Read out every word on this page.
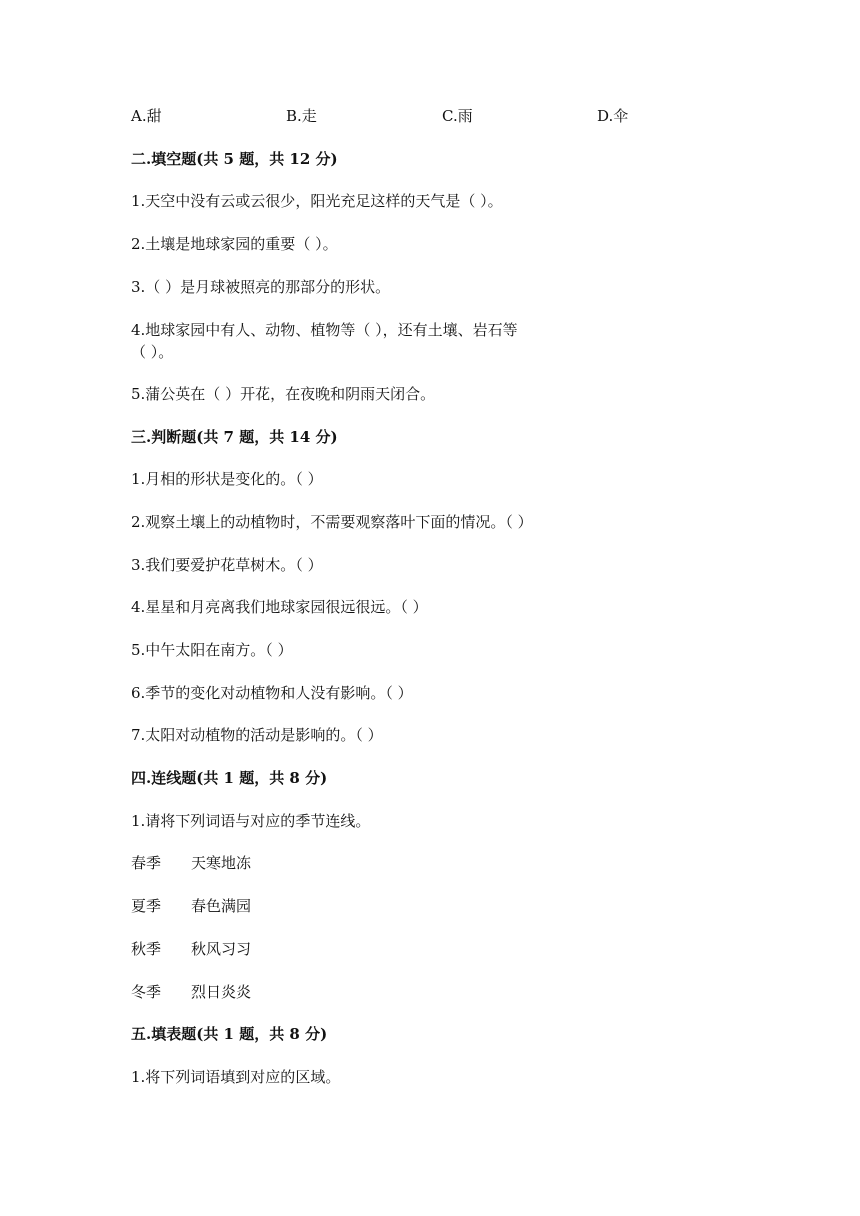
A.甜	B.走	C.雨	D.伞
二.填空题(共 5 题，共 12 分)
1.天空中没有云或云很少，阳光充足这样的天气是（ ）。
2.土壤是地球家园的重要（ ）。
3.（ ）是月球被照亮的那部分的形状。
4.地球家园中有人、动物、植物等（ ），还有土壤、岩石等
（ ）。
5.蒲公英在（ ）开花，在夜晚和阴雨天闭合。
三.判断题(共 7 题，共 14 分)
1.月相的形状是变化的。（ ）
2.观察土壤上的动植物时，不需要观察落叶下面的情况。（ ）
3.我们要爱护花草树木。（ ）
4.星星和月亮离我们地球家园很远很远。（ ）
5.中午太阳在南方。（ ）
6.季节的变化对动植物和人没有影响。（ ）
7.太阳对动植物的活动是影响的。（ ）
四.连线题(共 1 题，共 8 分)
1.请将下列词语与对应的季节连线。
春季 天寒地冻
夏季 春色满园
秋季 秋风习习
冬季 烈日炎炎
五.填表题(共 1 题，共 8 分)
1.将下列词语填到对应的区域。
